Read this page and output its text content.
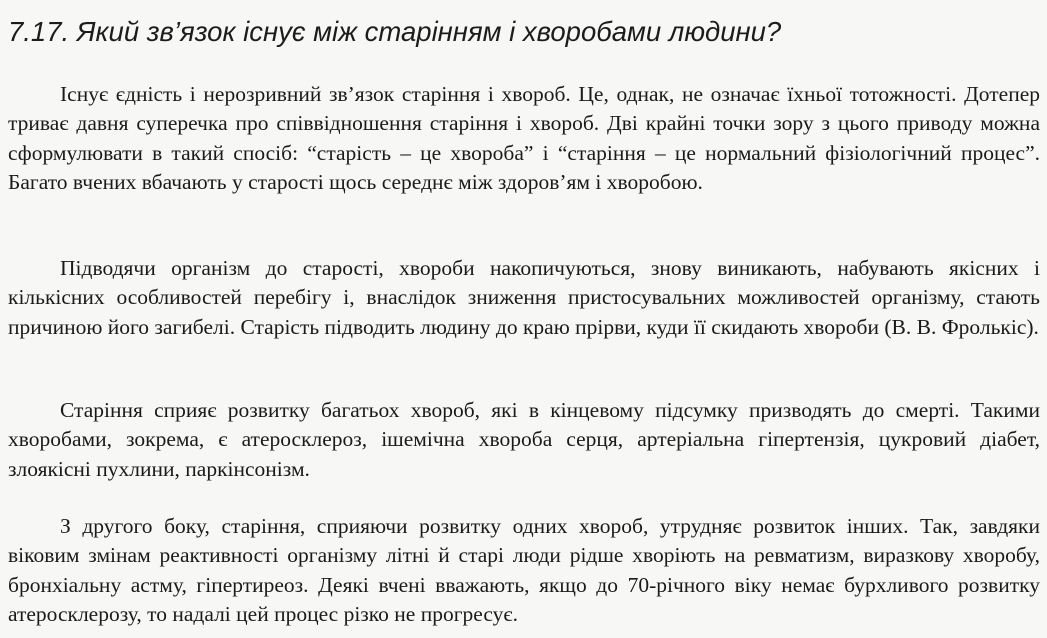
7.17. Який зв’язок існує між старінням і хворобами людини?

Існує єдність і нерозривний зв’язок старіння і хвороб. Це, однак, не означає їхньої тотожності. Дотепер триває давня суперечка про співвідношення старіння і хвороб. Дві крайні точки зору з цього приводу можна сформулювати в такий спосіб: “старість – це хвороба” і “старіння – це нормальний фізіологічний процес”. Багато вчених вбачають у старості щось середнє між здоров’ям і хворобою.

Підводячи організм до старості, хвороби накопичуються, знову виникають, набувають якісних і кількісних особливостей перебігу і, внаслідок зниження пристосувальних можливостей організму, стають причиною його загибелі. Старість підводить людину до краю прірви, куди її скидають хвороби (В. В. Фролькіс).

Старіння сприяє розвитку багатьох хвороб, які в кінцевому підсумку призводять до смерті. Такими хворобами, зокрема, є атеросклероз, ішемічна хвороба серця, артеріальна гіпертензія, цукровий діабет, злоякісні пухлини, паркінсонізм.

З другого боку, старіння, сприяючи розвитку одних хвороб, утрудняє розвиток інших. Так, завдяки віковим змінам реактивності організму літні й старі люди рідше хворіють на ревматизм, виразкову хворобу, бронхіальну астму, гіпертиреоз. Деякі вчені вважають, якщо до 70-річного віку немає бурхливого розвитку атеросклерозу, то надалі цей процес різко не прогресує.
